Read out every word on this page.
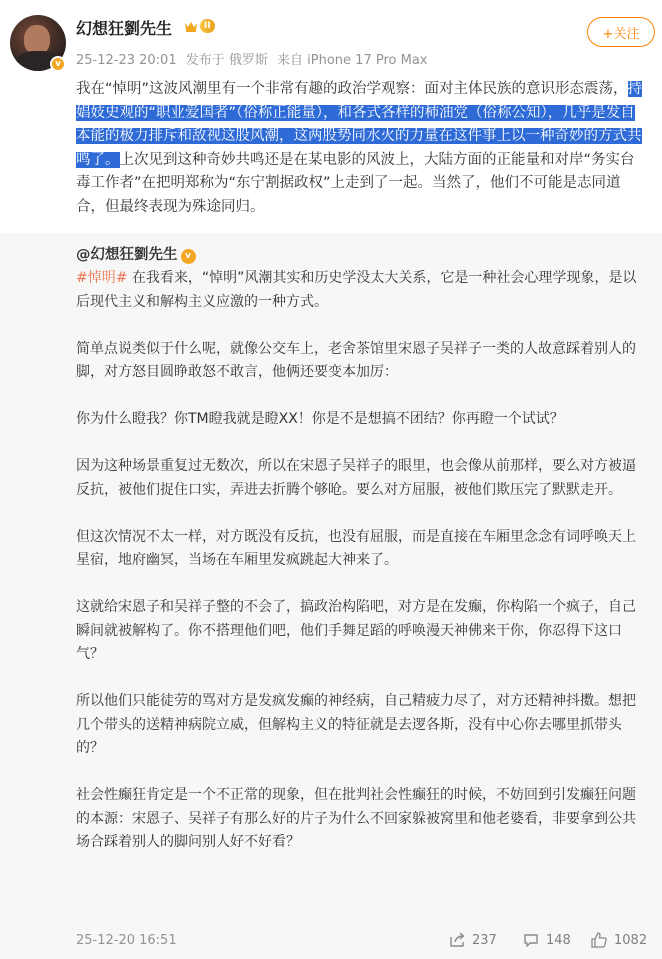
v
幻想狂劉先生	II
25-12-23 20:01 发布于 俄罗斯 来自 iPhone 17 Pro Max
+关注
我在“悼明”这波风潮里有一个非常有趣的政治学观察：面对主体民族的意识形态震荡，持娼妓史观的“职业爱国者”（俗称正能量），和各式各样的柿油党（俗称公知），几乎是发自本能的极力排斥和敌视这股风潮，这两股势同水火的力量在这件事上以一种奇妙的方式共鸣了。上次见到这种奇妙共鸣还是在某电影的风波上，大陆方面的正能量和对岸“务实台毒工作者”在把明郑称为“东宁割据政权”上走到了一起。当然了，他们不可能是志同道合，但最终表现为殊途同归。
@幻想狂劉先生 v

#悼明# 在我看来，“悼明”风潮其实和历史学没太大关系，它是一种社会心理学现象，是以后现代主义和解构主义应激的一种方式。

简单点说类似于什么呢，就像公交车上，老舍茶馆里宋恩子吴祥子一类的人故意踩着别人的脚，对方怒目圆睁敢怒不敢言，他俩还要变本加厉：

你为什么瞪我？你TM瞪我就是瞪XX！你是不是想搞不团结？你再瞪一个试试？

因为这种场景重复过无数次，所以在宋恩子吴祥子的眼里，也会像从前那样，要么对方被逼反抗，被他们捉住口实，弄进去折腾个够呛。要么对方屈服，被他们欺压完了默默走开。

但这次情况不太一样，对方既没有反抗，也没有屈服，而是直接在车厢里念念有词呼唤天上星宿，地府幽冥，当场在车厢里发疯跳起大神来了。

这就给宋恩子和吴祥子整的不会了，搞政治构陷吧，对方是在发癫，你构陷一个疯子，自己瞬间就被解构了。你不搭理他们吧，他们手舞足蹈的呼唤漫天神佛来干你，你忍得下这口气？

所以他们只能徒劳的骂对方是发疯发癫的神经病，自己精疲力尽了，对方还精神抖擞。想把几个带头的送精神病院立威，但解构主义的特征就是去逻各斯，没有中心你去哪里抓带头的？

社会性癫狂肯定是一个不正常的现象，但在批判社会性癫狂的时候，不妨回到引发癫狂问题的本源：宋恩子、吴祥子有那么好的片子为什么不回家躲被窝里和他老婆看，非要拿到公共场合踩着别人的脚问别人好不好看？

25-12-20 16:51	237	148	1082
